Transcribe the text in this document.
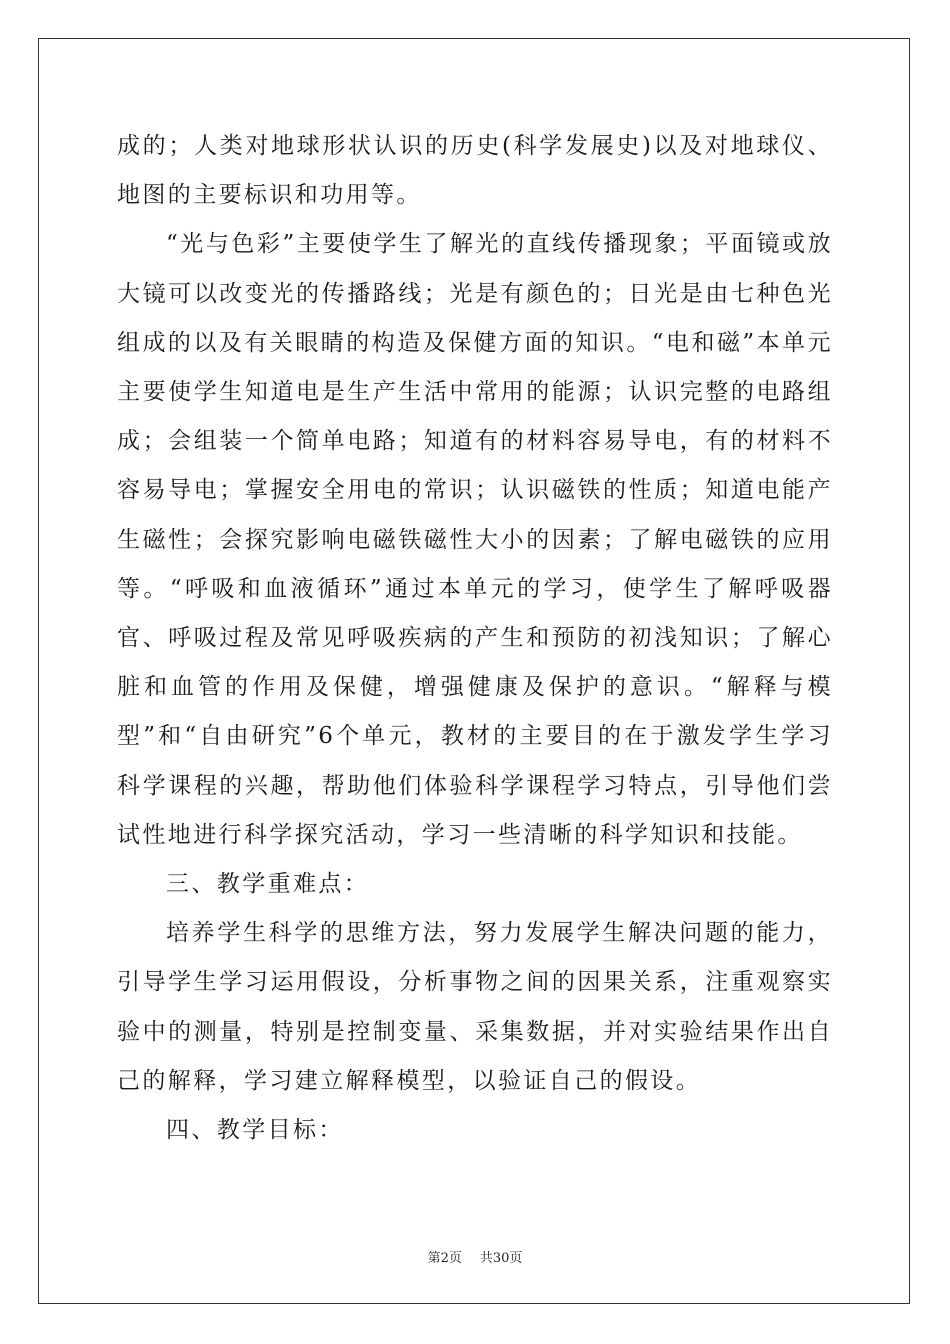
成的；人类对地球形状认识的历史(科学发展史)以及对地球仪、地图的主要标识和功用等。

“光与色彩”主要使学生了解光的直线传播现象；平面镜或放大镜可以改变光的传播路线；光是有颜色的；日光是由七种色光组成的以及有关眼睛的构造及保健方面的知识。“电和磁”本单元主要使学生知道电是生产生活中常用的能源；认识完整的电路组成；会组装一个简单电路；知道有的材料容易导电，有的材料不容易导电；掌握安全用电的常识；认识磁铁的性质；知道电能产生磁性；会探究影响电磁铁磁性大小的因素；了解电磁铁的应用等。“呼吸和血液循环”通过本单元的学习，使学生了解呼吸器官、呼吸过程及常见呼吸疾病的产生和预防的初浅知识；了解心脏和血管的作用及保健，增强健康及保护的意识。“解释与模型”和“自由研究”6个单元，教材的主要目的在于激发学生学习科学课程的兴趣，帮助他们体验科学课程学习特点，引导他们尝试性地进行科学探究活动，学习一些清晰的科学知识和技能。

三、教学重难点：

培养学生科学的思维方法，努力发展学生解决问题的能力，引导学生学习运用假设，分析事物之间的因果关系，注重观察实验中的测量，特别是控制变量、采集数据，并对实验结果作出自己的解释，学习建立解释模型，以验证自己的假设。

四、教学目标：

第2页 共30页
